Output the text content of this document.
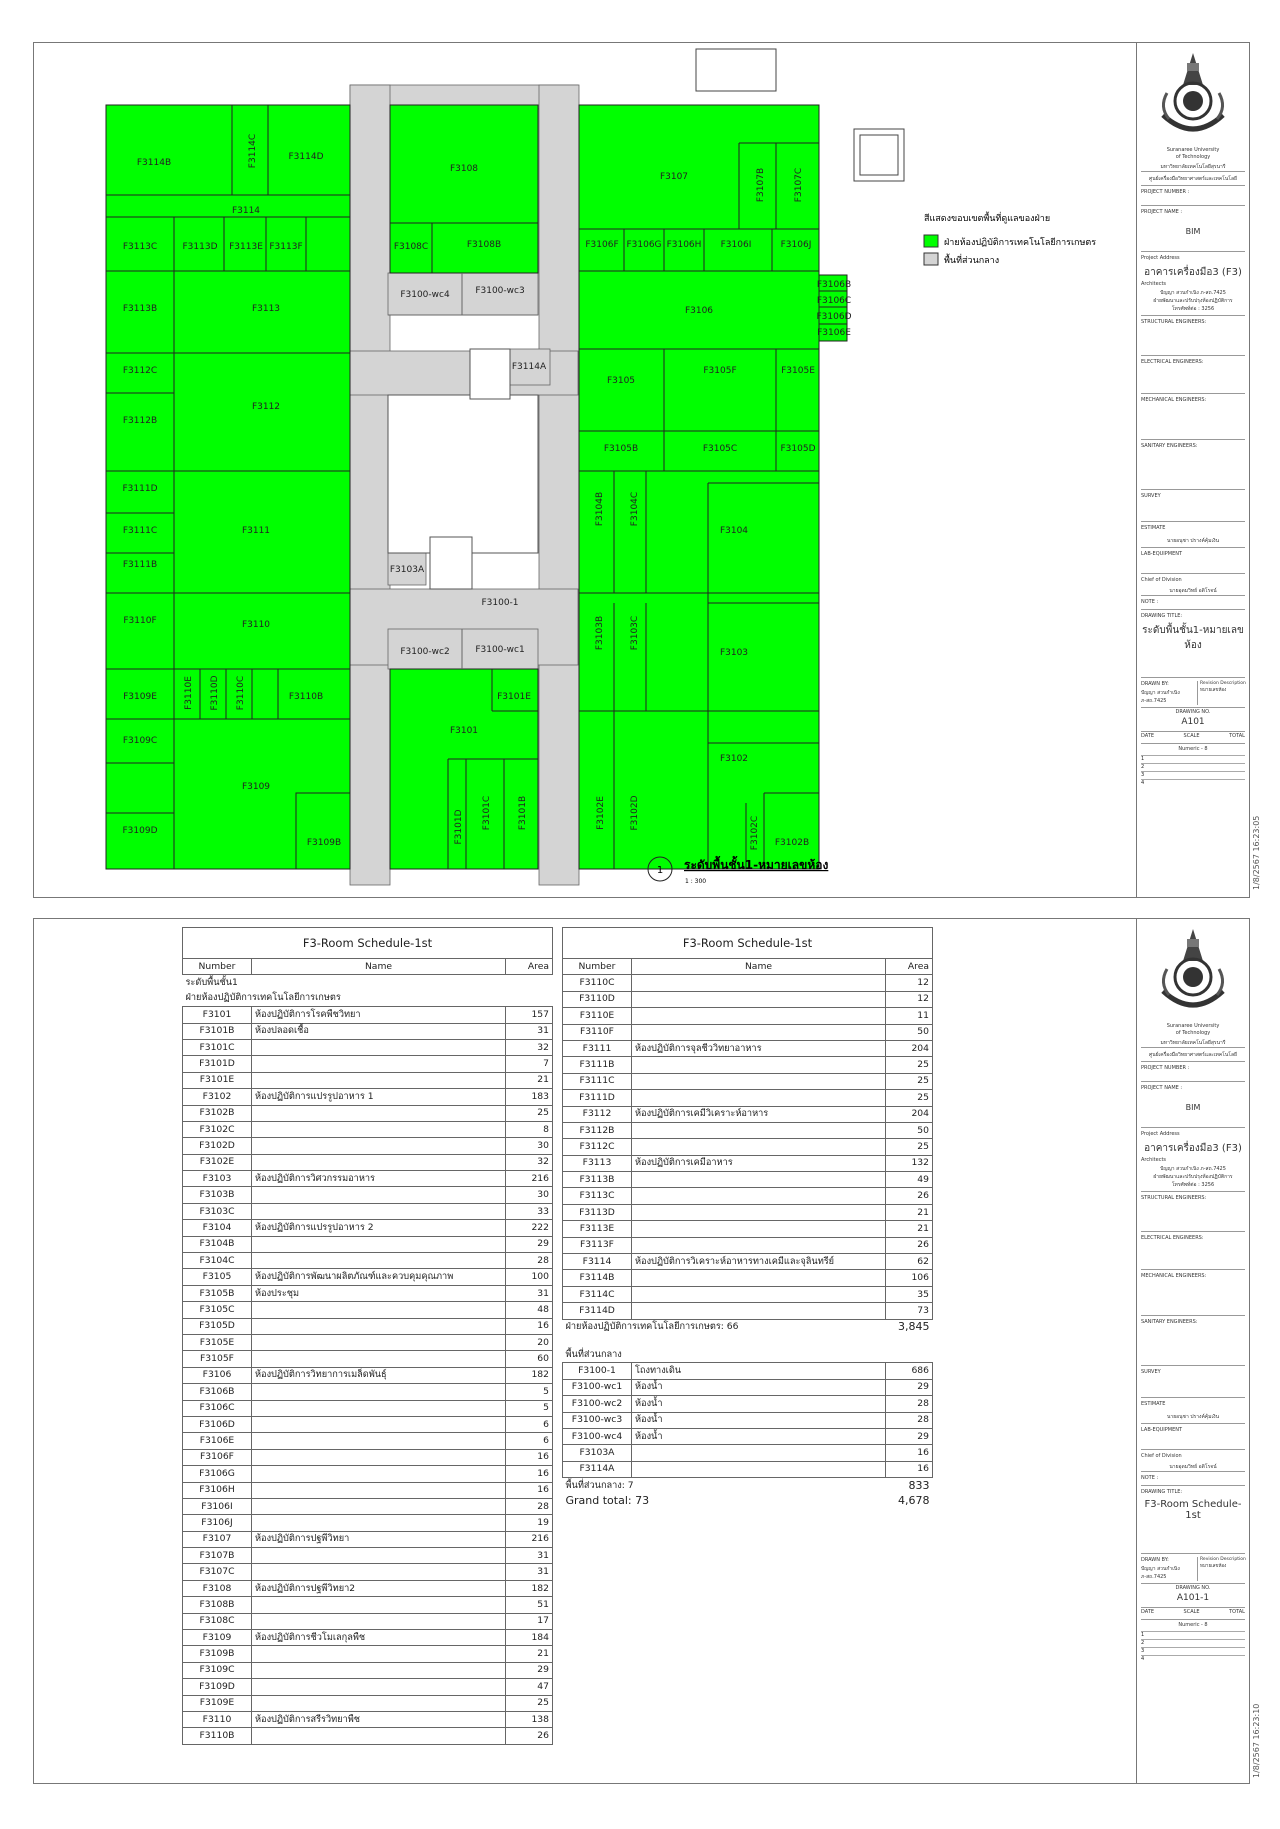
F3114B	F3114C	F3114D
F3114
F3108
F3107	F3107B	F3107C
F3113C	F3113D F3113E F3113F	F3108C	F3108B	F3106F F3106G F3106H F3106I	F3106J
F3100-wc4	F3100-wc3
F3106B
F3106C
F3106D
F3106E
F3113B	F3113	F3106
F3114A
F3112C
F3105
F3105F	F3105E
F3112
F3112B
F3105B	F3105C	F3105D
F3111D
F3104B	F3104C
F3104
F3111
F3111C
F3111B	F3103A
F3100-1
F3110F	F3110	F3103B	F3103C
F3100-wc2	F3100-wc1	F3103
F3109E	F3110E F3110D F3110C	F3110B	F3101E
F3101
F3109C
F3102
F3109
F3101D F3101C	F3101B	F3102E	F3102D
F3102C
F3109D
F3109B	F3102B
1 ระดับพื้นชั้น1-หมายเลขห้อง
1 : 300
สีแสดงขอบเขตพื้นที่ดูแลของฝ่าย
ฝ่ายห้องปฏิบัติการเทคโนโลยีการเกษตร
พื้นที่ส่วนกลาง
Suranaree University
of Technology
มหาวิทยาลัยเทคโนโลยีสุรนารี
ศูนย์เครื่องมือวิทยาศาสตร์และเทคโนโลยี
PROJECT NUMBER :
PROJECT NAME :
BIM
Project Address
อาคารเครื่องมือ3 (F3)
Architects
ปัญญา สวนกำเนิง ภ-สถ.7425
ฝ่ายพัฒนาและปรับปรุงห้องปฏิบัติการ
โทรศัพท์ต่อ : 3256
STRUCTURAL ENGINEERS:
ELECTRICAL ENGINEERS:
MECHANICAL ENGINEERS:
SANITARY ENGINEERS:
SURVEY
ESTIMATE
นายอนุชา ปรางค์คุ้มเงิน
LAB-EQUIPMENT
Chief of Division
นายอุดมวิทย์ อดิโรจน์
NOTE :
DRAWING TITLE:
ระดับพื้นชั้น1-หมายเลขห้อง
DRAWN BY:
ปัญญา สวนกำเนิง
ภ-สถ.7425
DRAWING NO.
A101
DATE	SCALE	TOTAL
Numeric - 8
Revision Description
หมายเลขห้อง
1
2
3
4
1/8/2567 16:23:05
F3-Room Schedule-1st		
Number	Name	Area
ระดับพื้นชั้น1		
ฝ่ายห้องปฏิบัติการเทคโนโลยีการเกษตร		
F3101	ห้องปฏิบัติการโรคพืชวิทยา	157
F3101B	ห้องปลอดเชื้อ	31
F3101C		32
F3101D		7
F3101E		21
F3102	ห้องปฏิบัติการแปรรูปอาหาร 1	183
F3102B		25
F3102C		8
F3102D		30
F3102E		32
F3103	ห้องปฏิบัติการวิศวกรรมอาหาร	216
F3103B		30
F3103C		33
F3104	ห้องปฏิบัติการแปรรูปอาหาร 2	222
F3104B		29
F3104C		28
F3105	ห้องปฏิบัติการพัฒนาผลิตภัณฑ์และควบคุมคุณภาพ	100
F3105B	ห้องประชุม	31
F3105C		48
F3105D		16
F3105E		20
F3105F		60
F3106	ห้องปฏิบัติการวิทยาการเมล็ดพันธุ์	182
F3106B		5
F3106C		5
F3106D		6
F3106E		6
F3106F		16
F3106G		16
F3106H		16
F3106I		28
F3106J		19
F3107	ห้องปฏิบัติการปฐพีวิทยา	216
F3107B		31
F3107C		31
F3108	ห้องปฏิบัติการปฐพีวิทยา2	182
F3108B		51
F3108C		17
F3109	ห้องปฏิบัติการชีวโมเลกุลพืช	184
F3109B		21
F3109C		29
F3109D		47
F3109E		25
F3110	ห้องปฏิบัติการสรีรวิทยาพืช	138
F3110B		26
F3-Room Schedule-1st		
Number	Name	Area
F3110C		12
F3110D		12
F3110E		11
F3110F		50
F3111	ห้องปฏิบัติการจุลชีววิทยาอาหาร	204
F3111B		25
F3111C		25
F3111D		25
F3112	ห้องปฏิบัติการเคมีวิเคราะห์อาหาร	204
F3112B		50
F3112C		25
F3113	ห้องปฏิบัติการเคมีอาหาร	132
F3113B		49
F3113C		26
F3113D		21
F3113E		21
F3113F		26
F3114	ห้องปฏิบัติการวิเคราะห์อาหารทางเคมีและจุลินทรีย์	62
F3114B		106
F3114C		35
F3114D		73
ฝ่ายห้องปฏิบัติการเทคโนโลยีการเกษตร: 66		3,845

พื้นที่ส่วนกลาง		
F3100-1	โถงทางเดิน	686
F3100-wc1	ห้องน้ำ	29
F3100-wc2	ห้องน้ำ	28
F3100-wc3	ห้องน้ำ	28
F3100-wc4	ห้องน้ำ	29
F3103A		16
F3114A		16
พื้นที่ส่วนกลาง: 7		833
Grand total: 73		4,678
Suranaree University
of Technology
มหาวิทยาลัยเทคโนโลยีสุรนารี
ศูนย์เครื่องมือวิทยาศาสตร์และเทคโนโลยี
PROJECT NUMBER :
PROJECT NAME :
BIM
Project Address
อาคารเครื่องมือ3 (F3)
Architects
ปัญญา สวนกำเนิง ภ-สถ.7425
ฝ่ายพัฒนาและปรับปรุงห้องปฏิบัติการ
โทรศัพท์ต่อ : 3256
STRUCTURAL ENGINEERS:
ELECTRICAL ENGINEERS:
MECHANICAL ENGINEERS:
SANITARY ENGINEERS:
SURVEY
ESTIMATE
นายอนุชา ปรางค์คุ้มเงิน
LAB-EQUIPMENT
Chief of Division
นายอุดมวิทย์ อดิโรจน์
NOTE :
DRAWING TITLE:
F3-Room Schedule-1st
DRAWN BY:
ปัญญา สวนกำเนิง
ภ-สถ.7425
DRAWING NO.
A101-1
DATE	SCALE	TOTAL
Numeric - 8
Revision Description
หมายเลขห้อง
1
2
3
4
1/8/2567 16:23:10
